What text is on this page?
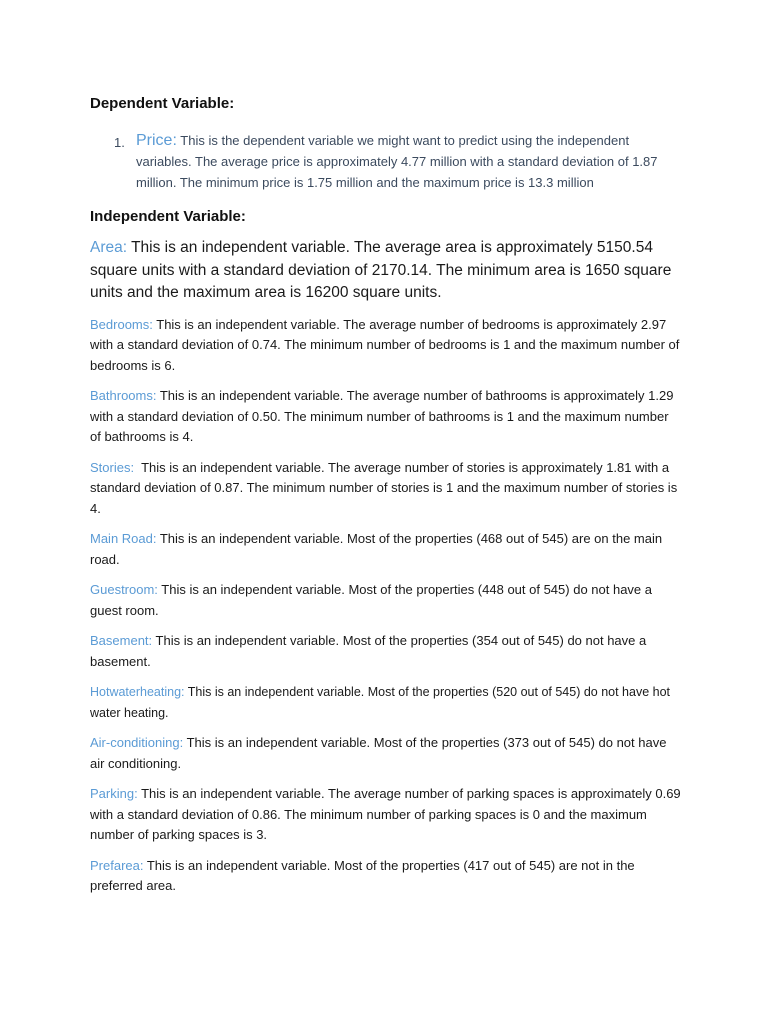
Dependent Variable:
1. Price: This is the dependent variable we might want to predict using the independent variables. The average price is approximately 4.77 million with a standard deviation of 1.87 million. The minimum price is 1.75 million and the maximum price is 13.3 million

Independent Variable:

Area: This is an independent variable. The average area is approximately 5150.54 square units with a standard deviation of 2170.14. The minimum area is 1650 square units and the maximum area is 16200 square units.

Bedrooms: This is an independent variable. The average number of bedrooms is approximately 2.97 with a standard deviation of 0.74. The minimum number of bedrooms is 1 and the maximum number of bedrooms is 6.

Bathrooms: This is an independent variable. The average number of bathrooms is approximately 1.29 with a standard deviation of 0.50. The minimum number of bathrooms is 1 and the maximum number of bathrooms is 4.

Stories:  This is an independent variable. The average number of stories is approximately 1.81 with a standard deviation of 0.87. The minimum number of stories is 1 and the maximum number of stories is 4.

Main Road: This is an independent variable. Most of the properties (468 out of 545) are on the main road.

Guestroom: This is an independent variable. Most of the properties (448 out of 545) do not have a guest room.

Basement: This is an independent variable. Most of the properties (354 out of 545) do not have a basement.

Hotwaterheating: This is an independent variable. Most of the properties (520 out of 545) do not have hot water heating.

Air-conditioning: This is an independent variable. Most of the properties (373 out of 545) do not have air conditioning.

Parking: This is an independent variable. The average number of parking spaces is approximately 0.69 with a standard deviation of 0.86. The minimum number of parking spaces is 0 and the maximum number of parking spaces is 3.

Prefarea: This is an independent variable. Most of the properties (417 out of 545) are not in the preferred area.
